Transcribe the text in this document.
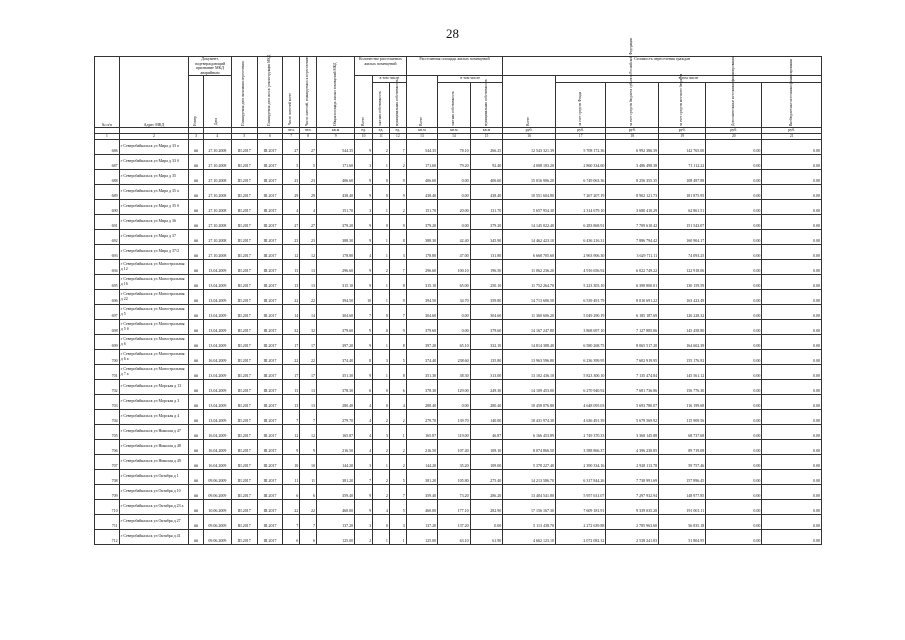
28
№ п/п	Адрес МКД	Документ, подтверждающий признание МКД аварийным		Планируемая дата окончания переселения	Планируемая дата сноса/ реконструкции МКД	Число жителей всего	Число жителей, планируемых к переселению	Общая площадь жилых помещений МКД	Количество расселяемых жилых помещений			Расселяемая площадь жилых помещений			Стоимость переселения граждан					
		Номер	Дата						Всего	в том числе		Всего	в том числе		Всего	в том числе				
										частная собственность	муниципальная собственность		частная собственность	муниципальная собственность		за счет средств Фонда	за счет средств бюджета субъекта Российской Федерации	за счет средств местного бюджета	Дополнительные источники финансирования	Внебюджетные источники финансирования
						чел.	чел.	кв.м	ед.	ед.	ед.	кв.м	кв.м	кв.м	руб.	руб.	руб.	руб.	руб.	руб.
1	2	3	4	5	6	7	8	9	10	11	12	13	14	15	16	17	18	19	20	21
686	г Северобайкальск ул Мира д 33 а	##	27.10.2008	III.2017	III.2017	27	27	544.35	9	2	7	544.35	78.10	266.25	12 543 321.39	5 708 172.36	6 992 386.39	142 765.00	0.00	0.00
687	г Северобайкальск ул Мира д 33 б	##	27.10.2008	III.2017	III.2017	5	5	171.60	3	1	2	171.60	79.20	92.40	4 008 183.20	2 860 334.60	3 486 498.38	71 112.22	0.00	0.00
688	г Северобайкальск ул Мира д 35	##	27.10.2008	III.2017	III.2017	23	23	406.60	9	0	9	406.60	0.00	406.60	15 016 906.20	6 749 063.36	8 256 355.35	108 497.88	0.00	0.00
689	г Северобайкальск ул Мира д 35 а	##	27.10.2008	III.2017	III.2017	29	29	438.40	9	0	9	438.40	0.00	438.40	10 551 604.80	7 267 207.19	8 902 121.73	181 875.95	0.00	0.00
690	г Северобайкальск ул Мира д 35 б	##	27.10.2008	III.2017	III.2017	4	4	151.70	3	1	2	151.70	20.00	131.70	5 657 954.30	2 314 679.10	3 680 410.29	62 861.51	0.00	0.00
691	г Северобайкальск ул Мира д 36	##	27.10.2008	III.2017	III.2017	27	27	379.20	9	0	9	379.20	0.00	379.20	14 145 022.40	6 283 868.91	7 709 610.42	151 543.07	0.00	0.00
692	г Северобайкальск ул Мира д 37	##	27.10.2008	III.2017	III.2017	23	23	388.30	9	1	8	388.30	42.40	345.90	14 462 423.10	6 436 216.31	7 886 794.42	160 904.17	0.00	0.00
693	г Северобайкальск ул Мира д 37/2	##	27.10.2008	III.2017	III.2017	12	12	178.80	4	1	3	178.80	47.00	131.80	6 668 705.60	2 963 906.30	3 629 711.11	74 093.25	0.00	0.00
694	г Северобайкальск ул Магистральная д 12	##	13.04.2009	III.2017	III.2017	13	13	296.60	9	2	7	296.60	100.10	196.50	11 062 236.20	4 916 656.92	6 022 749.22	122 918.06	0.00	0.00
695	г Северобайкальск ул Магистральная д 16	##	13.04.2009	III.2017	III.2017	13	13	315.10	9	1	8	315.10	65.00	250.10	11 752 264.70	5 223 305.10	6 398 800.01	130 159.59	0.00	0.00
696	г Северобайкальск ул Магистральная д 22	##	13.04.2009	III.2017	III.2017	22	22	394.50	10	1	9	394.50	34.70	359.80	14 713 606.50	6 539 491.79	8 010 691.22	163 423.49	0.00	0.00
697	г Северобайкальск ул Магистральная д 5	##	13.04.2009	III.2017	III.2017	14	14	304.60	7	0	7	304.60	0.00	304.60	11 360 606.20	5 049 290.19	6 185 187.69	126 228.32	0.00	0.00
698	г Северобайкальск ул Магистральная д 5 б	##	13.04.2009	III.2017	III.2017	32	32	379.60	9	0	9	379.60	0.00	379.60	14 167 247.80	3 868 697.10	7 127 885.06	145 458.80	0.00	0.00
699	г Северобайкальск ул Магистральная д 6	##	13.04.2009	III.2017	III.2017	17	17	397.20	9	1	8	397.20	65.10	332.10	14 814 388.40	6 580 268.75	8 065 517.20	164 602.39	0.00	0.00
700	г Северобайкальск ул Магистральная д 6 а	##	16.04.2009	III.2017	III.2017	22	22	374.40	8	3	5	374.40	238.60	135.80	13 963 596.80	6 236 399.95	7 602 919.95	155 176.92	0.00	0.00
701	г Северобайкальск ул Магистральная д 7 а	##	13.04.2009	III.2017	III.2017	17	17	351.30	9	1	8	351.30	38.30	313.00	13 102 436.10	5 823 300.10	7 135 474.84	145 561.12	0.00	0.00
702	г Северобайкальск ул Морская д 13	##	13.04.2009	III.2017	III.2017	13	13	378.30	6	0	6	378.30	129.00	249.30	14 109 453.00	6 270 940.92	7 681 736.86	156 776.30	0.00	0.00
703	г Северобайкальск ул Морская д 3	##	13.04.2009	III.2017	III.2017	13	13	280.40	4	0	4	280.40	0.00	280.40	10 458 076.80	4 648 095.03	5 693 780.07	116 199.68	0.00	0.00
704	г Северобайкальск ул Морская д 4	##	13.04.2009	III.2017	III.2017	7	7	279.70	4	2	2	279.70	139.70	140.00	10 431 974.30	4 636 491.39	5 679 569.92	115 909.56	0.00	0.00
705	г Северобайкальск ул Николая д 47	##	16.04.2009	III.2017	III.2017	12	12	165.87	4	3	1	165.87	119.00	46.87	6 166 453.89	2 749 370.33	3 368 145.88	68 737.68	0.00	0.00
706	г Северобайкальск ул Николая д 48	##	16.04.2009	III.2017	III.2017	9	9	216.50	4	2	2	216.50	107.40	109.10	8 074 866.50	3 588 866.37	4 396 230.85	89 719.08	0.00	0.00
707	г Северобайкальск ул Николая д 49	##	16.04.2009	III.2017	III.2017	10	10	144.20	3	1	2	144.20	35.20	109.00	5 378 227.40	2 390 334.16	2 928 113.78	59 757.46	0.00	0.00
708	г Северобайкальск ул Октября д 1	##	09.06.2009	III.2017	III.2017	11	11	381.20	7	2	5	381.20	105.80	275.40	14 213 586.70	6 317 844.26	7 738 991.69	157 896.45	0.00	0.00
709	г Северобайкальск ул Октября д 10	##	09.06.2009	III.2017	III.2017	6	6	359.40	9	2	7	359.40	73.20	286.20	13 404 541.80	5 957 631.07	7 297 932.94	148 977.85	0.00	0.00
710	г Северобайкальск ул Октября д 23 а	##	10.06.2009	III.2017	III.2017	22	22	460.00	9	4	5	460.00	177.10	282.90	17 156 167.30	7 609 181.91	9 339 035.28	191 001.11	0.00	0.00
711	г Северобайкальск ул Октября д 27	##	09.06.2009	III.2017	III.2017	7	7	137.20	3	0	3	137.20	137.20	0.00	5 113 438.70	2 272 639.88	2 785 963.60	56 835.18	0.00	0.00
712	г Северобайкальск ул Октября д 41	##	09.06.2009	III.2017	III.2017	6	6	125.00	2	1	1	125.00	63.10	61.90	4 662 123.10	2 072 082.32	2 538 241.83	51 804.95	0.00	0.00
